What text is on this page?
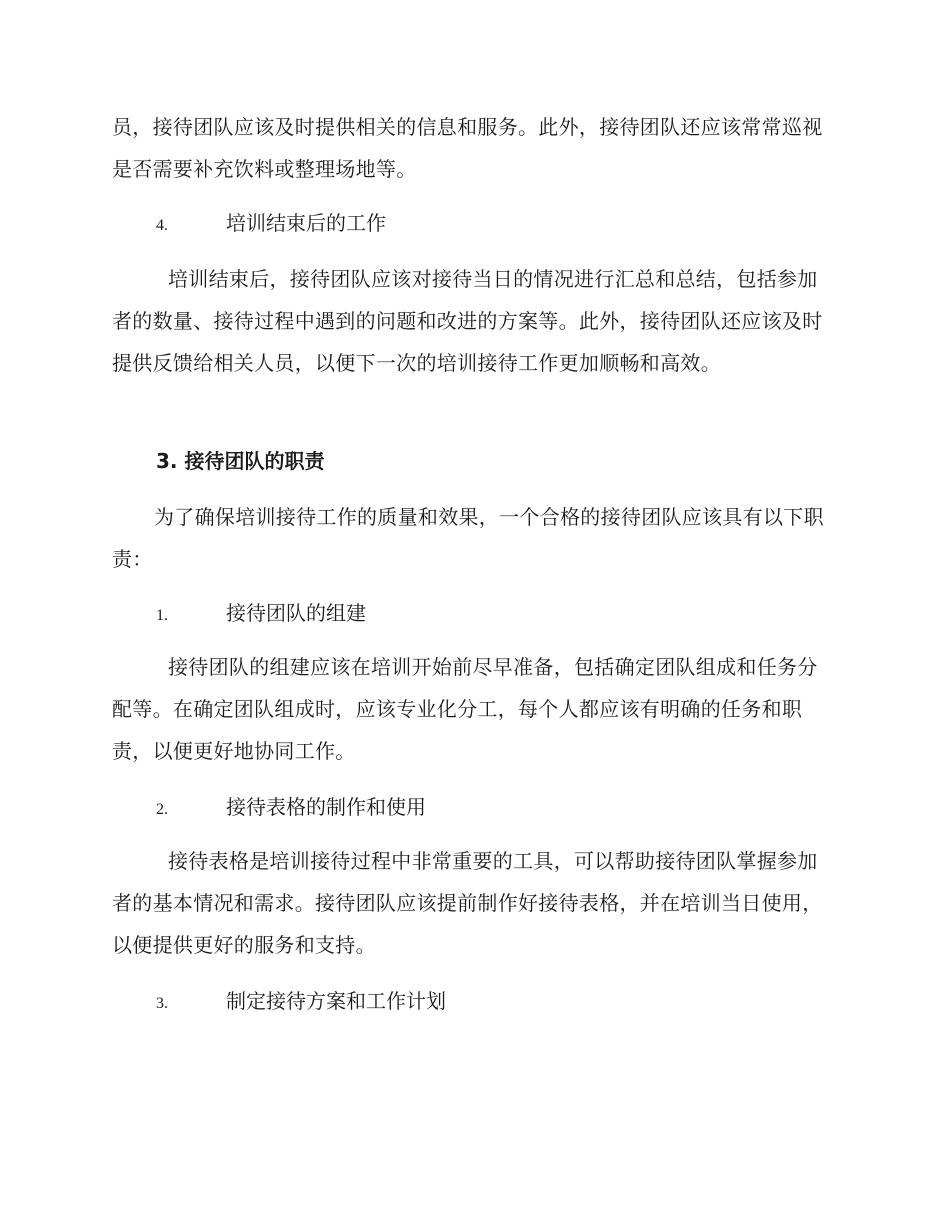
员，接待团队应该及时提供相关的信息和服务。此外，接待团队还应该常常巡视是否需要补充饮料或整理场地等。

4.	培训结束后的工作

培训结束后，接待团队应该对接待当日的情况进行汇总和总结，包括参加者的数量、接待过程中遇到的问题和改进的方案等。此外，接待团队还应该及时提供反馈给相关人员，以便下一次的培训接待工作更加顺畅和高效。

3. 接待团队的职责

为了确保培训接待工作的质量和效果，一个合格的接待团队应该具有以下职责：

1.	接待团队的组建

接待团队的组建应该在培训开始前尽早准备，包括确定团队组成和任务分配等。在确定团队组成时，应该专业化分工，每个人都应该有明确的任务和职责，以便更好地协同工作。

2.	接待表格的制作和使用

接待表格是培训接待过程中非常重要的工具，可以帮助接待团队掌握参加者的基本情况和需求。接待团队应该提前制作好接待表格，并在培训当日使用，以便提供更好的服务和支持。

3.	制定接待方案和工作计划
